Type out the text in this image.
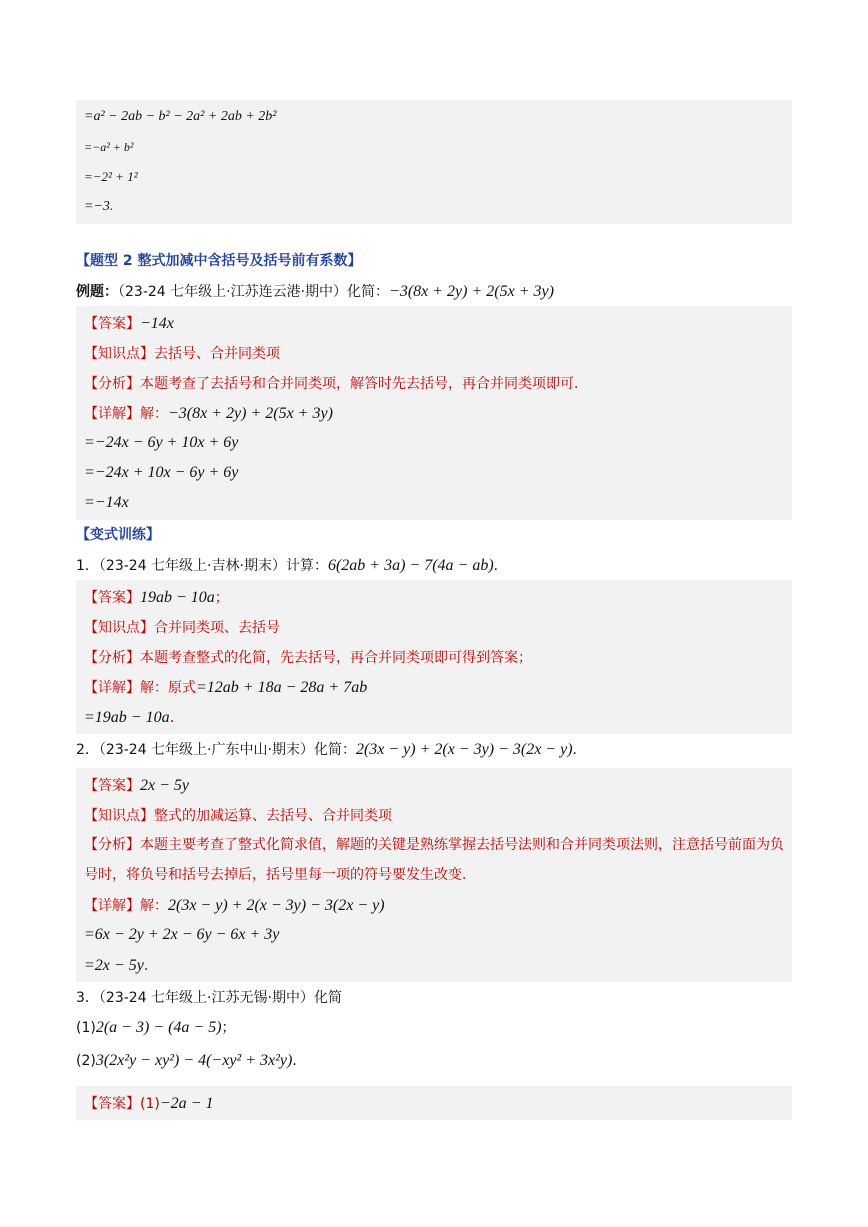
=a² − 2ab − b² − 2a² + 2ab + 2b²
=−a² + b²
=−2² + 1²
=−3.
【题型 2 整式加减中含括号及括号前有系数】
例题：（23-24 七年级上·江苏连云港·期中）化简：−3(8x + 2y) + 2(5x + 3y)
【答案】−14x
【知识点】去括号、合并同类项
【分析】本题考查了去括号和合并同类项，解答时先去括号，再合并同类项即可．
【详解】解：−3(8x + 2y) + 2(5x + 3y)
=−24x − 6y + 10x + 6y
=−24x + 10x − 6y + 6y
=−14x
【变式训练】
1．（23-24 七年级上·吉林·期末）计算：6(2ab + 3a) − 7(4a − ab)．
【答案】19ab − 10a；
【知识点】合并同类项、去括号
【分析】本题考查整式的化简，先去括号，再合并同类项即可得到答案；
【详解】解：原式=12ab + 18a − 28a + 7ab
=19ab − 10a.
2．（23-24 七年级上·广东中山·期末）化简：2(3x − y) + 2(x − 3y) − 3(2x − y)．
【答案】2x − 5y
【知识点】整式的加减运算、去括号、合并同类项
【分析】本题主要考查了整式化简求值，解题的关键是熟练掌握去括号法则和合并同类项法则，注意括号前面为负号时，将负号和括号去掉后，括号里每一项的符号要发生改变．
【详解】解：2(3x − y) + 2(x − 3y) − 3(2x − y)
=6x − 2y + 2x − 6y − 6x + 3y
=2x − 5y.
3．（23-24 七年级上·江苏无锡·期中）化简
(1)2(a − 3) − (4a − 5)；
(2)3(2x²y − xy²) − 4(−xy² + 3x²y)．
【答案】(1)−2a − 1
